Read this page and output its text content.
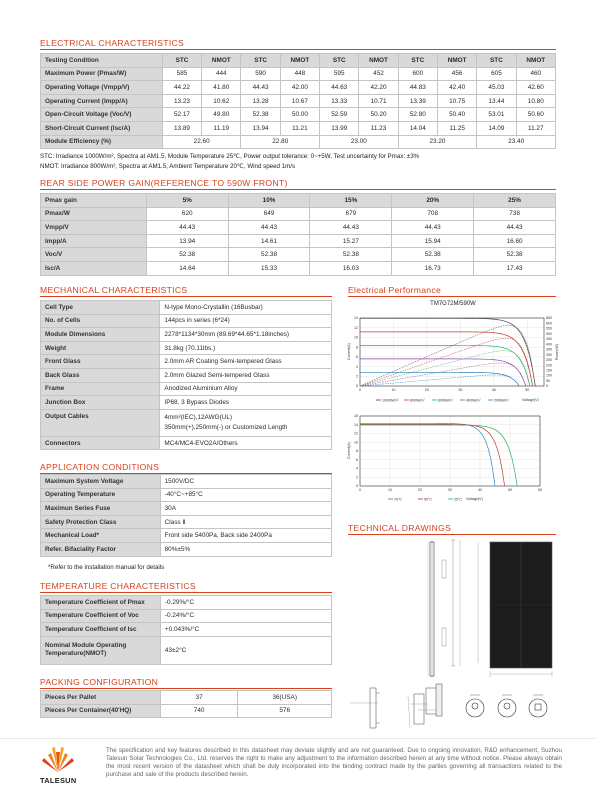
ELECTRICAL CHARACTERISTICS
Testing Condition	STC	NMOT	STC	NMOT	STC	NMOT	STC	NMOT	STC	NMOT
Maximum Power (Pmax/W)	585	444	590	448	595	452	600	456	605	460
Operating Voltage (Vmpp/V)	44.22	41.80	44.43	42.00	44.63	42.20	44.83	42.40	45.03	42.60
Operating Current (Impp/A)	13.23	10.62	13.28	10.67	13.33	10.71	13.39	10.75	13.44	10.80
Open-Circuit Voltage (Voc/V)	52.17	49.80	52.38	50.00	52.59	50.20	52.80	50.40	53.01	50.60
Short-Circuit Current (Isc/A)	13.89	11.19	13.94	11.21	13.99	11.23	14.04	11.25	14.09	11.27
Module Efficiency (%)	22.60		22.80		23.00		23.20		23.40	
STC: Irradiance 1000W/m², Spectra at AM1.5, Module Temperature 25℃, Power output tolerance: 0~+5W, Test uncertainty for Pmax: ±3%
NMOT: Irradiance 800W/m², Spectra at AM1.5, Ambient Temperature 20℃, Wind speed 1m/s
REAR SIDE POWER GAIN(REFERENCE TO 590W FRONT)
Pmax gain	5%	10%	15%	20%	25%
Pmax/W	620	649	679	708	738
Vmpp/V	44.43	44.43	44.43	44.43	44.43
Impp/A	13.94	14.61	15.27	15.94	16.60
Voc/V	52.38	52.38	52.38	52.38	52.38
Isc/A	14.64	15.33	16.03	16.73	17.43
MECHANICAL CHARACTERISTICS
Cell Type	N-type Mono-Crystallin (16Busbar)
No. of Cells	144pcs in series (6*24)
Module Dimensions	2278*1134*30mm (89.69*44.65*1.18inches)
Weight	31.8kg (70.11lbs.)
Front Glass	2.0mm AR Coating Semi-tempered Glass
Back Glass	2.0mm Glazed Semi-tempered Glass
Frame	Anodized Aluminium Alloy
Junction Box	IP68, 3 Bypass Diodes
Output Cables	4mm²(IEC),12AWG(UL)
350mm(+),250mm(-) or Customized Length

Connectors	MC4/MC4-EVO2A/Others
APPLICATION CONDITIONS
Maximum System Voltage	1500V/DC
Operating Temperature	-40°C~+85°C
Maximun Series Fuse	30A
Safety Protection Class	Class Ⅱ
Mechanical Load*	Front side 5400Pa, Back side 2400Pa
Refer. Bifaciality Factor	80%±5%
*Refer to the installation manual for details
TEMPERATURE CHARACTERISTICS
Temperature Coefficient of Pmax	-0.29%/°C
Temperature Coefficient of Voc	-0.24%/°C
Temperature Coefficient of Isc	+0.043%/°C

Nominal Module Operating
Temperature(NMOT)	43±2°C
PACKING CONFIGURATION
Pieces Per Pallet	37	36(USA)
Pieces Per Container(40'HQ)	740	576
Electrical Performance
TM7G72M/590W
0
2
4
6
8
10
12
14
0	10	20	30	40	50
0
50
100
150
200
250
300
350
400
450
500
550
600
650
1000W/m²	800W/m²	600W/m²	400W/m²	200W/m²	Voltage(V)
Current(A)	Power(W)
0
2
4
6
8
10
12
14
16
0	10	20	30	40	50	60
70°C	50°C	25°C Voltage(V)
Current(A)
TECHNICAL DRAWINGS
TALESUN
The specification and key features described in this datasheet may deviate slightly and are not guaranteed. Due to ongoing innovation, R&D enhancement, Suzhou Talesun Solar Technologies Co., Ltd. reserves the right to make any adjustment to the information described herein at any time without notice. Please always obtain the most recent version of the datasheet which shall be duly incorporated into the binding contract made by the parties governing all transactions related to the purchase and sale of the products described herein.
